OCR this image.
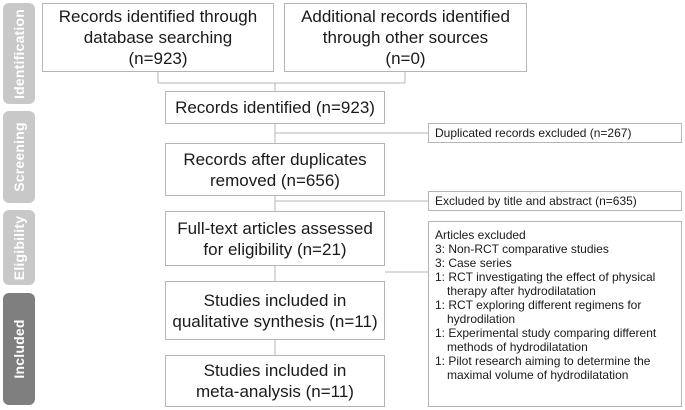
Identification
Screening
Eligibility
Included
Records identified through
database searching
(n=923)
Additional records identified
through other sources
(n=0)
Records identified (n=923)
Records after duplicates
removed (n=656)
Full-text articles assessed
for eligibility (n=21)
Studies included in
qualitative synthesis (n=11)
Studies included in
meta-analysis (n=11)
Duplicated records excluded (n=267)
Excluded by title and abstract (n=635)
Articles excluded
3: Non-RCT comparative studies
3: Case series
1: RCT investigating the effect of physical therapy after hydrodilatation
1: RCT exploring different regimens for hydrodilation
1: Experimental study comparing different methods of hydrodilatation
1: Pilot research aiming to determine the maximal volume of hydrodilatation
